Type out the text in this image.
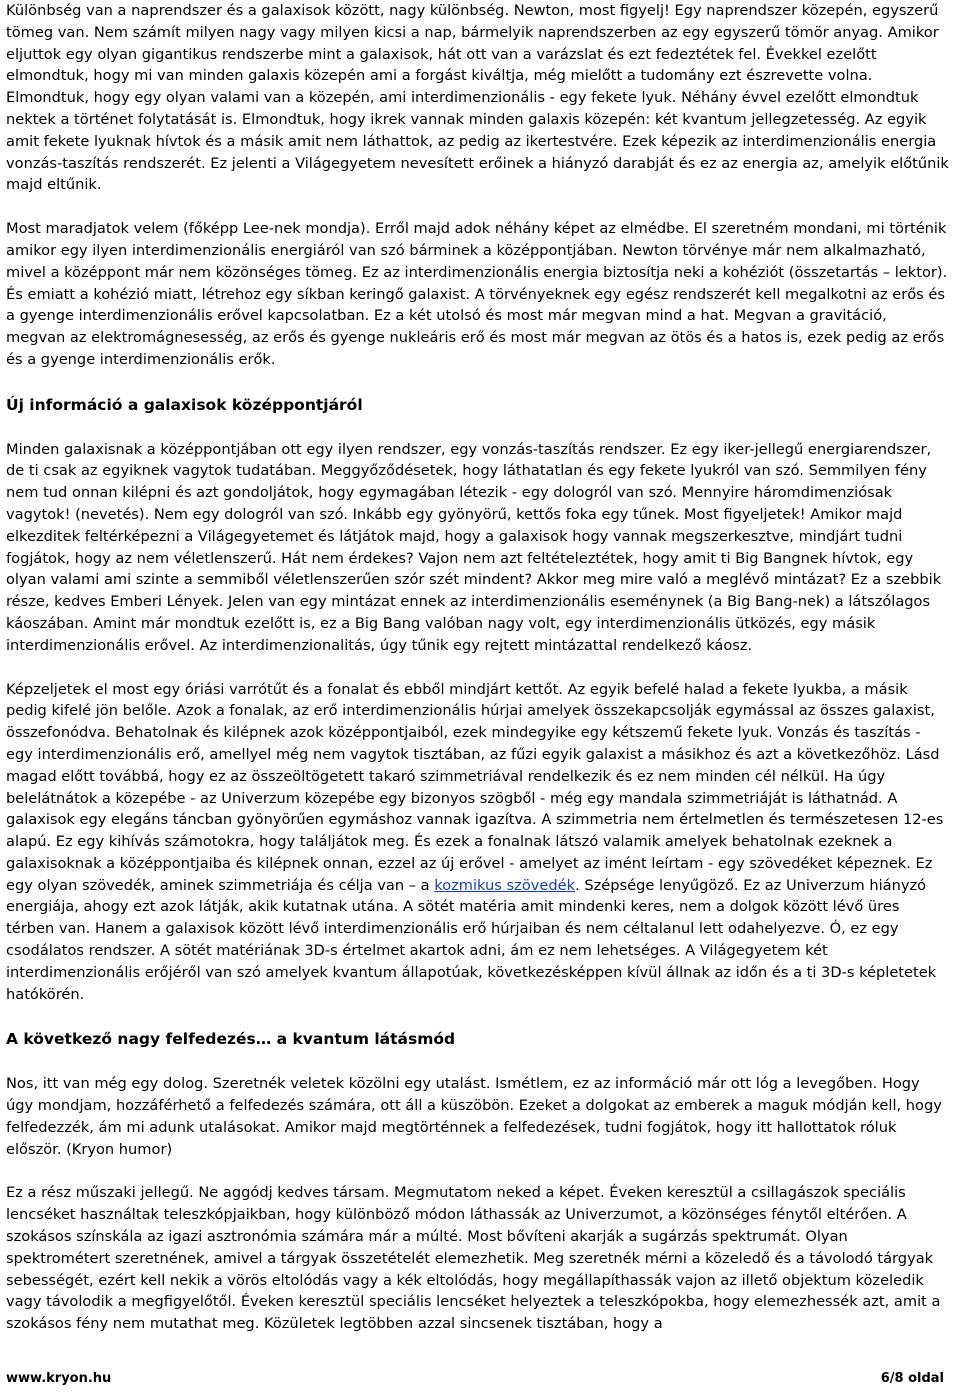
Különbség van a naprendszer és a galaxisok között, nagy különbség. Newton, most figyelj! Egy naprendszer közepén, egyszerű tömeg van. Nem számít milyen nagy vagy milyen kicsi a nap, bármelyik naprendszerben az egy egyszerű tömör anyag. Amikor eljuttok egy olyan gigantikus rendszerbe mint a galaxisok, hát ott van a varázslat és ezt fedeztétek fel. Évekkel ezelőtt elmondtuk, hogy mi van minden galaxis közepén ami a forgást kiváltja, még mielőtt a tudomány ezt észrevette volna. Elmondtuk, hogy egy olyan valami van a közepén, ami interdimenzionális - egy fekete lyuk. Néhány évvel ezelőtt elmondtuk nektek a történet folytatását is. Elmondtuk, hogy ikrek vannak minden galaxis közepén: két kvantum jellegzetesség. Az egyik amit fekete lyuknak hívtok és a másik amit nem láthattok, az pedig az ikertestvére. Ezek képezik az interdimenzionális energia vonzás-taszítás rendszerét. Ez jelenti a Világegyetem nevesített erőinek a hiányzó darabját és ez az energia az, amelyik előtűnik majd eltűnik.

Most maradjatok velem (főképp Lee-nek mondja). Erről majd adok néhány képet az elmédbe. El szeretném mondani, mi történik amikor egy ilyen interdimenzionális energiáról van szó bárminek a középpontjában. Newton törvénye már nem alkalmazható, mivel a középpont már nem közönséges tömeg. Ez az interdimenzionális energia biztosítja neki a kohéziót (összetartás – lektor). És emiatt a kohézió miatt, létrehoz egy síkban keringő galaxist. A törvényeknek egy egész rendszerét kell megalkotni az erős és a gyenge interdimenzionális erővel kapcsolatban. Ez a két utolsó és most már megvan mind a hat. Megvan a gravitáció, megvan az elektromágnesesség, az erős és gyenge nukleáris erő és most már megvan az ötös és a hatos is, ezek pedig az erős és a gyenge interdimenzionális erők.

Új információ a galaxisok középpontjáról

Minden galaxisnak a középpontjában ott egy ilyen rendszer, egy vonzás-taszítás rendszer. Ez egy iker-jellegű energiarendszer, de ti csak az egyiknek vagytok tudatában. Meggyőződésetek, hogy láthatatlan és egy fekete lyukról van szó. Semmilyen fény nem tud onnan kilépni és azt gondoljátok, hogy egymagában létezik - egy dologról van szó. Mennyire háromdimenziósak vagytok! (nevetés). Nem egy dologról van szó. Inkább egy gyönyörű, kettős foka egy tűnek. Most figyeljetek! Amikor majd elkezditek feltérképezni a Világegyetemet és látjátok majd, hogy a galaxisok hogy vannak megszerkesztve, mindjárt tudni fogjátok, hogy az nem véletlenszerű. Hát nem érdekes? Vajon nem azt feltételeztétek, hogy amit ti Big Bangnek hívtok, egy olyan valami ami szinte a semmiből véletlenszerűen szór szét mindent? Akkor meg mire való a meglévő mintázat? Ez a szebbik része, kedves Emberi Lények. Jelen van egy mintázat ennek az interdimenzionális eseménynek (a Big Bang-nek) a látszólagos káoszában. Amint már mondtuk ezelőtt is, ez a Big Bang valóban nagy volt, egy interdimenzionális ütközés, egy másik interdimenzionális erővel. Az interdimenzionalitás, úgy tűnik egy rejtett mintázattal rendelkező káosz.

Képzeljetek el most egy óriási varrótűt és a fonalat és ebből mindjárt kettőt. Az egyik befelé halad a fekete lyukba, a másik pedig kifelé jön belőle. Azok a fonalak, az erő interdimenzionális húrjai amelyek összekapcsolják egymással az összes galaxist, összefonódva. Behatolnak és kilépnek azok középpontjaiból, ezek mindegyike egy kétszemű fekete lyuk. Vonzás és taszítás - egy interdimenzionális erő, amellyel még nem vagytok tisztában, az fűzi egyik galaxist a másikhoz és azt a következőhöz. Lásd magad előtt továbbá, hogy ez az összeöltögetett takaró szimmetriával rendelkezik és ez nem minden cél nélkül. Ha úgy belelátnátok a közepébe - az Univerzum közepébe egy bizonyos szögből - még egy mandala szimmetriáját is láthatnád. A galaxisok egy elegáns táncban gyönyörűen egymáshoz vannak igazítva. A szimmetria nem értelmetlen és természetesen 12-es alapú. Ez egy kihívás számotokra, hogy találjátok meg. És ezek a fonalnak látszó valamik amelyek behatolnak ezeknek a galaxisoknak a középpontjaiba és kilépnek onnan, ezzel az új erővel - amelyet az imént leírtam - egy szövedéket képeznek. Ez egy olyan szövedék, aminek szimmetriája és célja van – a kozmikus szövedék. Szépsége lenyűgöző. Ez az Univerzum hiányzó energiája, ahogy ezt azok látják, akik kutatnak utána. A sötét matéria amit mindenki keres, nem a dolgok között lévő üres térben van. Hanem a galaxisok között lévő interdimenzionális erő húrjaiban és nem céltalanul lett odahelyezve. Ó, ez egy csodálatos rendszer. A sötét matériának 3D-s értelmet akartok adni, ám ez nem lehetséges. A Világegyetem két interdimenzionális erőjéről van szó amelyek kvantum állapotúak, következésképpen kívül állnak az időn és a ti 3D-s képletetek hatókörén.

A következő nagy felfedezés… a kvantum látásmód

Nos, itt van még egy dolog. Szeretnék veletek közölni egy utalást. Ismétlem, ez az információ már ott lóg a levegőben. Hogy úgy mondjam, hozzáférhető a felfedezés számára, ott áll a küszöbön. Ezeket a dolgokat az emberek a maguk módján kell, hogy felfedezzék, ám mi adunk utalásokat. Amikor majd megtörténnek a felfedezések, tudni fogjátok, hogy itt hallottatok róluk először. (Kryon humor)

Ez a rész műszaki jellegű. Ne aggódj kedves társam. Megmutatom neked a képet. Éveken keresztül a csillagászok speciális lencséket használtak teleszkópjaikban, hogy különböző módon láthassák az Univerzumot, a közönséges fénytől eltérően. A szokásos színskála az igazi asztronómia számára már a múlté. Most bővíteni akarják a sugárzás spektrumát. Olyan spektrométert szeretnének, amivel a tárgyak összetételét elemezhetik. Meg szeretnék mérni a közeledő és a távolodó tárgyak sebességét, ezért kell nekik a vörös eltolódás vagy a kék eltolódás, hogy megállapíthassák vajon az illető objektum közeledik vagy távolodik a megfigyelőtől. Éveken keresztül speciális lencséket helyeztek a teleszkópokba, hogy elemezhessék azt, amit a szokásos fény nem mutathat meg. Közületek legtöbben azzal sincsenek tisztában, hogy a

www.kryon.hu	6/8 oldal
